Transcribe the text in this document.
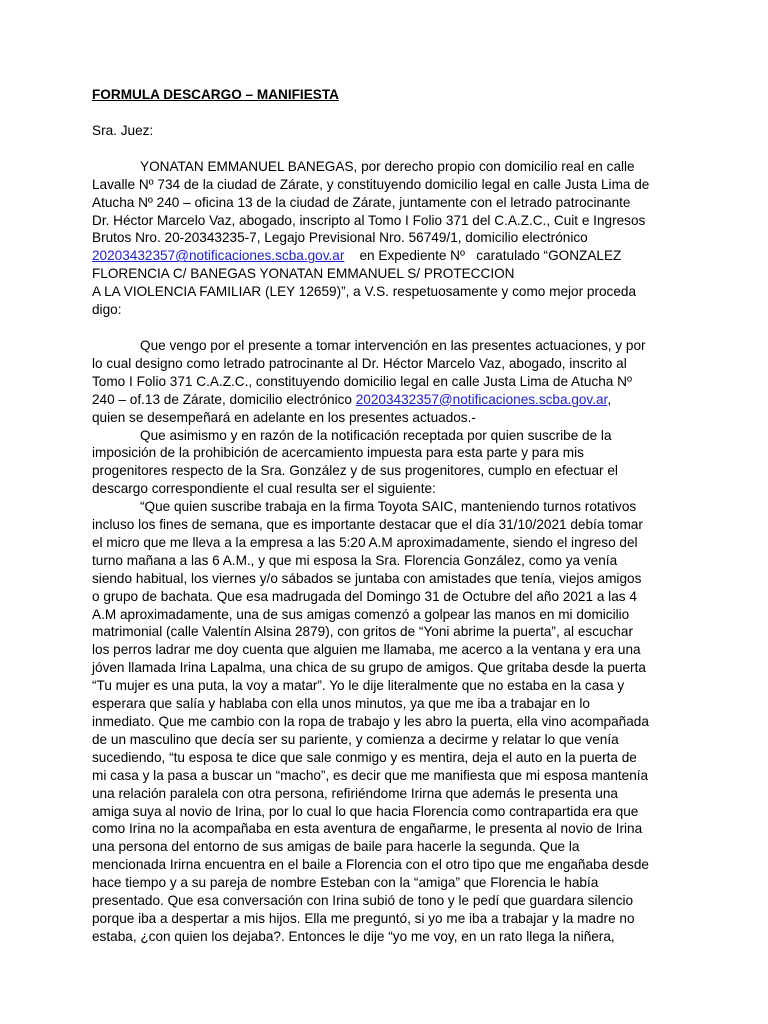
FORMULA DESCARGO – MANIFIESTA
Sra. Juez:
YONATAN EMMANUEL BANEGAS, por derecho propio con domicilio real en calle
Lavalle Nº 734 de la ciudad de Zárate, y constituyendo domicilio legal en calle Justa Lima de
Atucha Nº 240 – oficina 13 de la ciudad de Zárate, juntamente con el letrado patrocinante
Dr. Héctor Marcelo Vaz, abogado, inscripto al Tomo I Folio 371 del C.A.Z.C., Cuit e Ingresos
Brutos Nro. 20-20343235-7, Legajo Previsional Nro. 56749/1, domicilio electrónico
20203432357@notificaciones.scba.gov.ar    en Expediente Nº   caratulado “GONZALEZ
FLORENCIA C/ BANEGAS YONATAN EMMANUEL S/ PROTECCION
A LA VIOLENCIA FAMILIAR (LEY 12659)”, a V.S. respetuosamente y como mejor proceda
digo:
Que vengo por el presente a tomar intervención en las presentes actuaciones, y por
lo cual designo como letrado patrocinante al Dr. Héctor Marcelo Vaz, abogado, inscrito al
Tomo I Folio 371 C.A.Z.C., constituyendo domicilio legal en calle Justa Lima de Atucha Nº
240 – of.13 de Zárate, domicilio electrónico 20203432357@notificaciones.scba.gov.ar,
quien se desempeñará en adelante en los presentes actuados.-
Que asimismo y en razón de la notificación receptada por quien suscribe de la
imposición de la prohibición de acercamiento impuesta para esta parte y para mis
progenitores respecto de la Sra. González y de sus progenitores, cumplo en efectuar el
descargo correspondiente el cual resulta ser el siguiente:
“Que quien suscribe trabaja en la firma Toyota SAIC, manteniendo turnos rotativos
incluso los fines de semana, que es importante destacar que el día 31/10/2021 debía tomar
el micro que me lleva a la empresa a las 5:20 A.M aproximadamente, siendo el ingreso del
turno mañana a las 6 A.M., y que mi esposa la Sra. Florencia González, como ya venía
siendo habitual, los viernes y/o sábados se juntaba con amistades que tenía, viejos amigos
o grupo de bachata. Que esa madrugada del Domingo 31 de Octubre del año 2021 a las 4
A.M aproximadamente, una de sus amigas comenzó a golpear las manos en mi domicilio
matrimonial (calle Valentín Alsina 2879), con gritos de “Yoni abrime la puerta”, al escuchar
los perros ladrar me doy cuenta que alguien me llamaba, me acerco a la ventana y era una
jóven llamada Irina Lapalma, una chica de su grupo de amigos. Que gritaba desde la puerta
“Tu mujer es una puta, la voy a matar”. Yo le dije literalmente que no estaba en la casa y
esperara que salía y hablaba con ella unos minutos, ya que me iba a trabajar en lo
inmediato. Que me cambio con la ropa de trabajo y les abro la puerta, ella vino acompañada
de un masculino que decía ser su pariente, y comienza a decirme y relatar lo que venía
sucediendo, “tu esposa te dice que sale conmigo y es mentira, deja el auto en la puerta de
mi casa y la pasa a buscar un “macho”, es decir que me manifiesta que mi esposa mantenía
una relación paralela con otra persona, refiriéndome Irirna que además le presenta una
amiga suya al novio de Irina, por lo cual lo que hacia Florencia como contrapartida era que
como Irina no la acompañaba en esta aventura de engañarme, le presenta al novio de Irina
una persona del entorno de sus amigas de baile para hacerle la segunda. Que la
mencionada Irirna encuentra en el baile a Florencia con el otro tipo que me engañaba desde
hace tiempo y a su pareja de nombre Esteban con la “amiga” que Florencia le había
presentado. Que esa conversación con Irina subió de tono y le pedí que guardara silencio
porque iba a despertar a mis hijos. Ella me preguntó, si yo me iba a trabajar y la madre no
estaba, ¿con quien los dejaba?. Entonces le dije “yo me voy, en un rato llega la niñera,
